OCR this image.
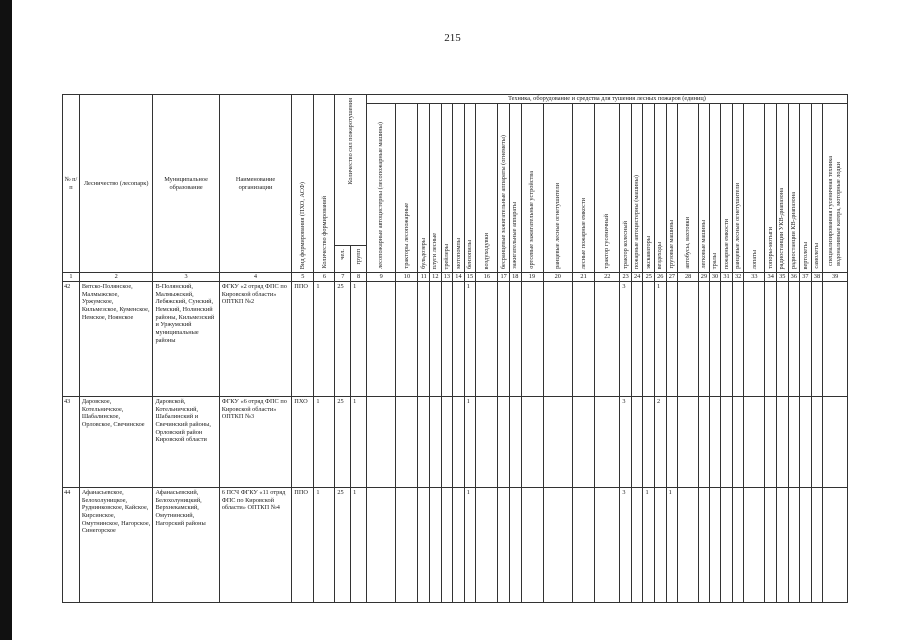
215
№ п/п	Лесничество (лесопарк)	Муниципальное образование	Наименование организации	Вид формирования (ПХО, АСФ)	Количество формирований	Количество сил пожаротушения		Техника, оборудование и средства для тушения лесных пожаров (единиц)																														

								лесопожарные автоцистерны (лесопожарные машины)	тракторы лесопожарные	бульдозеры	плуги лесные	трейлеры	мотопомпы	бензопилы	воздуходувки	бесранцевые зажигательные аппараты (огнеметы)	зажигательные аппараты	ортсевые зажигательные устройства	ранцевые лесные огнетушители	лесные пожарные емкости	трактор гусеничный	трактор колесный	пожарные автоцистерны (машины)	экскаваторы	вездеходы	грузовые машины	автобусы, вахтовки	легковые машины	тралы	пожарные емкости	ранцевые лесные огнетушители	лопаты	топоры-мотыги	радиостанции УКВ-диапазона	радиостанции КВ-диапазона	вертолеты	самолеты	специализированная гусеничная техникаводоналивные катера, моторные лодки

						чел.	групп																															

1	2	3	4	5	6	7	8	9	10	11	12	13	14	15	16	17	18	19	20	21	22	23	24	25	26	27	28	29	30	31	32	33	34	35	36	37	38	39
42	Вятско-Полянское, Малмыжское, Уржумское, Кильмезское, Куменское, Немское, Ноянское	В-Полянский, Малмыжский, Лебяжский, Сунский, Немский, Нолинский районы, Кильмезский и Уржумский муниципальные районы	ФГКУ «2 отряд ФПС по Кировской области» ОПТКП №2	ППО	1	25	1							1								3			1													
43	Даровское, Котельничское, Шабалинское, Орловское, Свечинское	Даровской, Котельничский, Шабалинский и Свечинский районы, Орловский район Кировской области	ФГКУ «6 отряд ФПС по Кировской области» ОПТКП №3	ПХО	1	25	1							1								3			2													
44	Афанасьевское, Белохолуницкое, Руднинковское, Кайское, Кирсинское, Омутнинское, Нагорское, Синегорское	Афанасьевский, Белохолуницкий, Верхнекамский, Омутнинский, Нагорский районы	6 ПСЧ ФГКУ «11 отряд ФПС по Кировской области» ОПТКП №4	ППО	1	25	1							1								3		1		1												
